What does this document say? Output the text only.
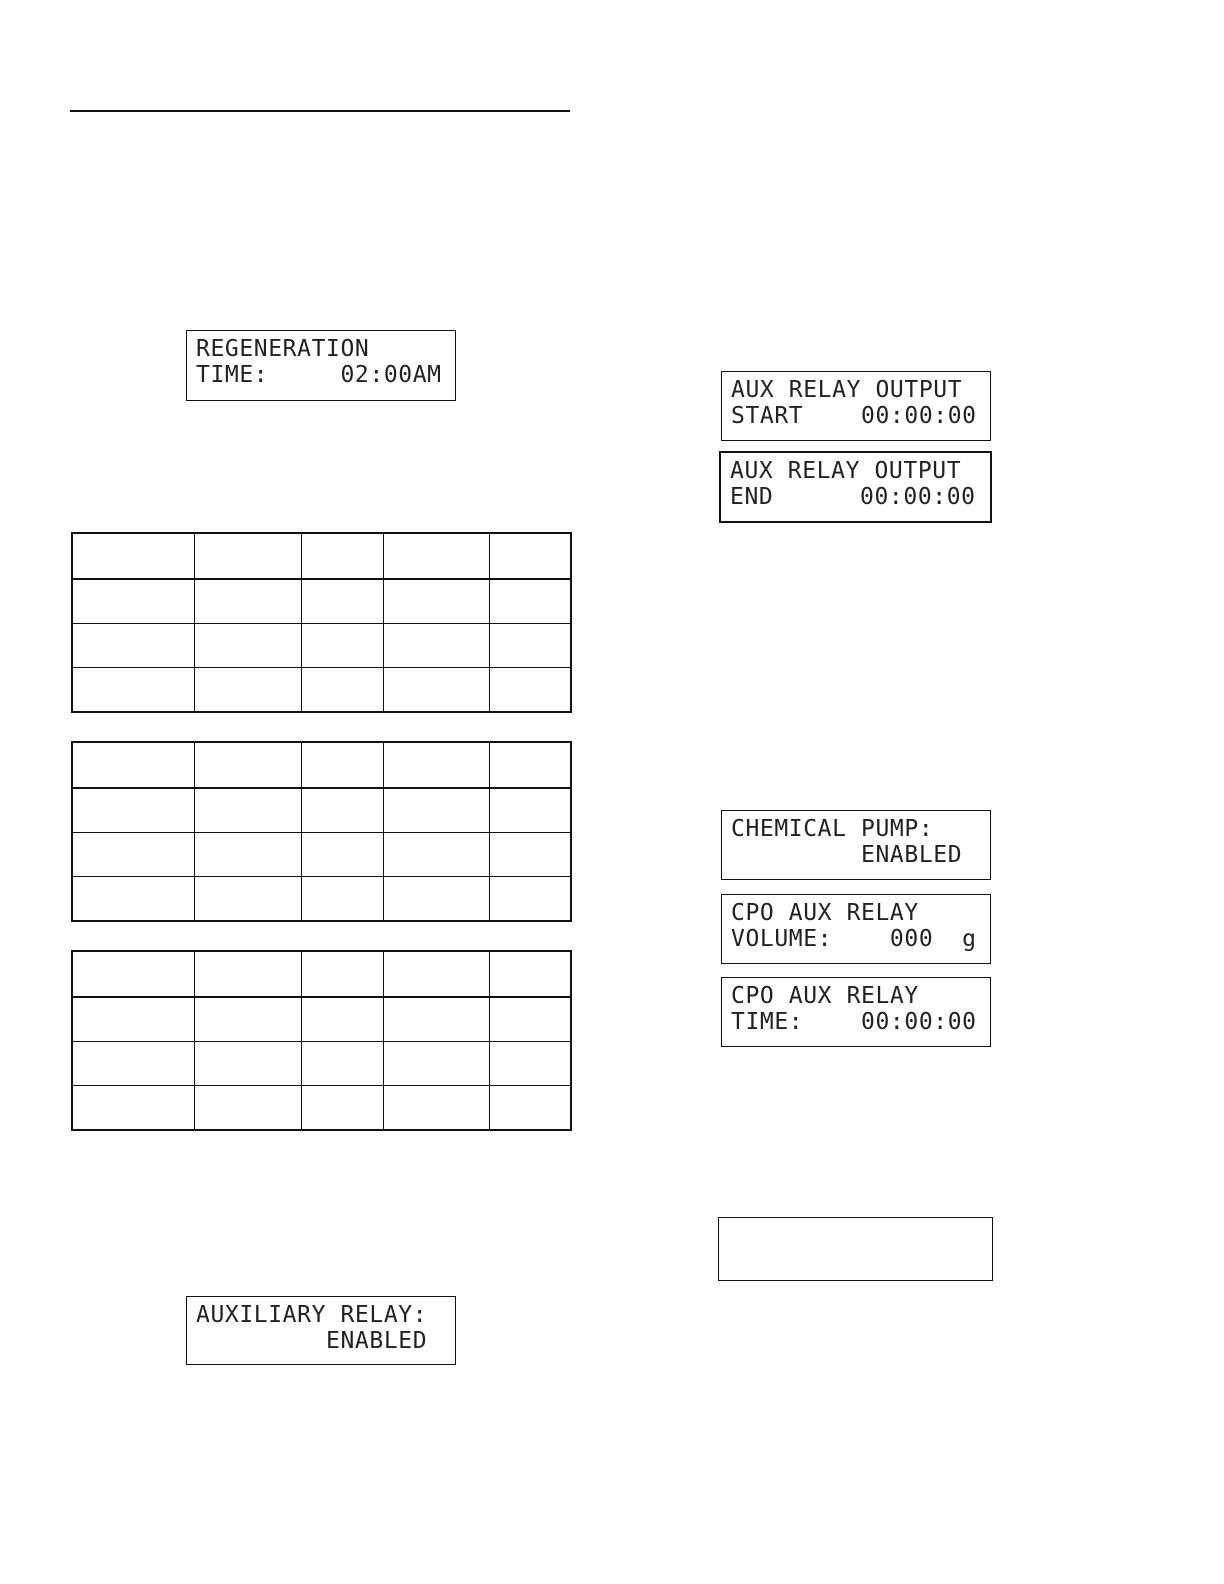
REGENERATION
TIME:     02:00AM

AUXILIARY RELAY:
ENABLED
AUX RELAY OUTPUT
START    00:00:00
AUX RELAY OUTPUT
END      00:00:00
CHEMICAL PUMP:
ENABLED
CPO AUX RELAY
VOLUME:    000  g
CPO AUX RELAY
TIME:    00:00:00
